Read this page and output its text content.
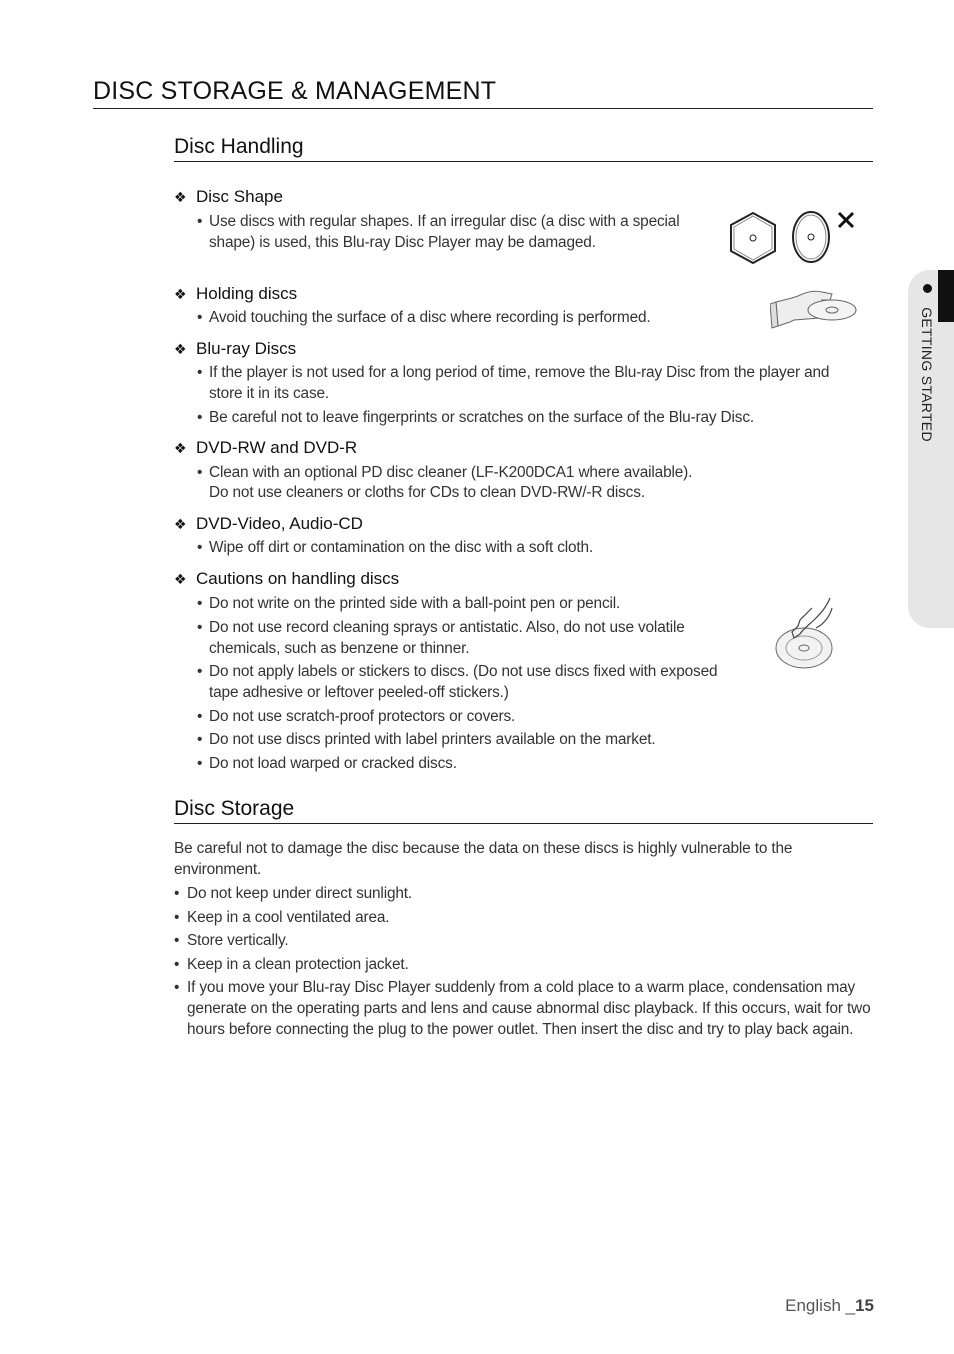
DISC STORAGE & MANAGEMENT
GETTING STARTED
Disc Handling
❖ Disc Shape
• Use discs with regular shapes. If an irregular disc (a disc with a special shape) is used, this Blu-ray Disc Player may be damaged.
❖ Holding discs
• Avoid touching the surface of a disc where recording is performed.
❖ Blu-ray Discs
• If the player is not used for a long period of time, remove the Blu-ray Disc from the player and store it in its case.
• Be careful not to leave fingerprints or scratches on the surface of the Blu-ray Disc.
❖ DVD-RW and DVD-R
• Clean with an optional PD disc cleaner (LF-K200DCA1 where available).
Do not use cleaners or cloths for CDs to clean DVD-RW/-R discs.
❖ DVD-Video, Audio-CD
• Wipe off dirt or contamination on the disc with a soft cloth.
❖ Cautions on handling discs
• Do not write on the printed side with a ball-point pen or pencil.
• Do not use record cleaning sprays or antistatic. Also, do not use volatile chemicals, such as benzene or thinner.
• Do not apply labels or stickers to discs. (Do not use discs fixed with exposed tape adhesive or leftover peeled-off stickers.)
• Do not use scratch-proof protectors or covers.
• Do not use discs printed with label printers available on the market.
• Do not load warped or cracked discs.
Disc Storage

Be careful not to damage the disc because the data on these discs is highly vulnerable to the environment.

• Do not keep under direct sunlight.
• Keep in a cool ventilated area.
• Store vertically.
• Keep in a clean protection jacket.
• If you move your Blu-ray Disc Player suddenly from a cold place to a warm place, condensation may generate on the operating parts and lens and cause abnormal disc playback. If this occurs, wait for two hours before connecting the plug to the power outlet. Then insert the disc and try to play back again.
English _15
